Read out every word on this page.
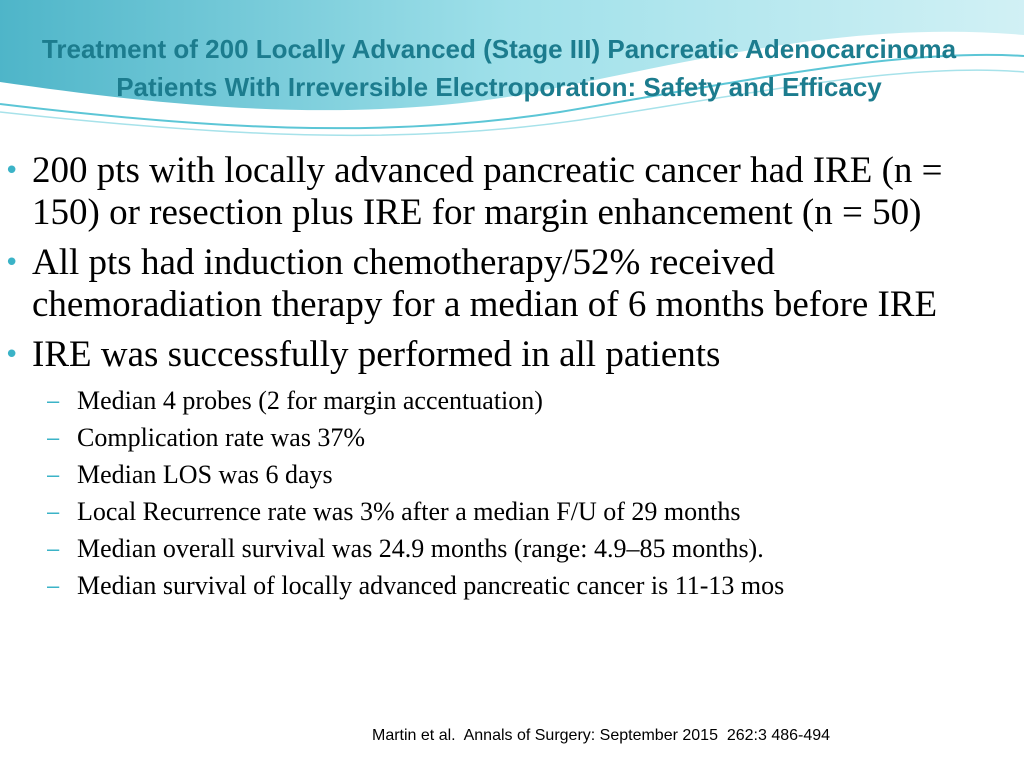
Treatment of 200 Locally Advanced (Stage III) Pancreatic Adenocarcinoma Patients With Irreversible Electroporation: Safety and Efficacy
• 200 pts with locally advanced pancreatic cancer had IRE (n = 150) or resection plus IRE for margin enhancement (n = 50)
• All pts had induction chemotherapy/52% received chemoradiation therapy for a median of 6 months before IRE
• IRE was successfully performed in all patients
– Median 4 probes (2 for margin accentuation)
– Complication rate was 37%
– Median LOS was 6 days
– Local Recurrence rate was 3% after a median F/U of 29 months
– Median overall survival was 24.9 months (range: 4.9–85 months).
– Median survival of locally advanced pancreatic cancer is 11-13 mos
Martin et al.  Annals of Surgery: September 2015  262:3 486-494
